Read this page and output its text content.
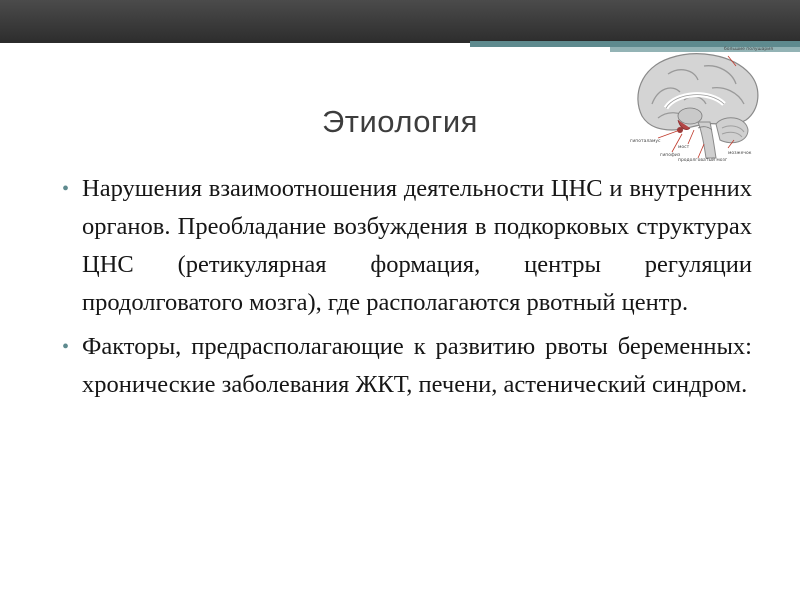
большие полушария
гипоталамус
мозжечок
продолговатый мозг
гипофиз
мост
Этиология
• Нарушения взаимоотношения деятельности ЦНС и внутренних органов. Преобладание возбуждения в подкорковых структурах ЦНС (ретикулярная формация, центры регуляции продолговатого мозга), где располагаются рвотный центр.
• Факторы, предрасполагающие к развитию рвоты беременных: хронические заболевания ЖКТ, печени, астенический синдром.
